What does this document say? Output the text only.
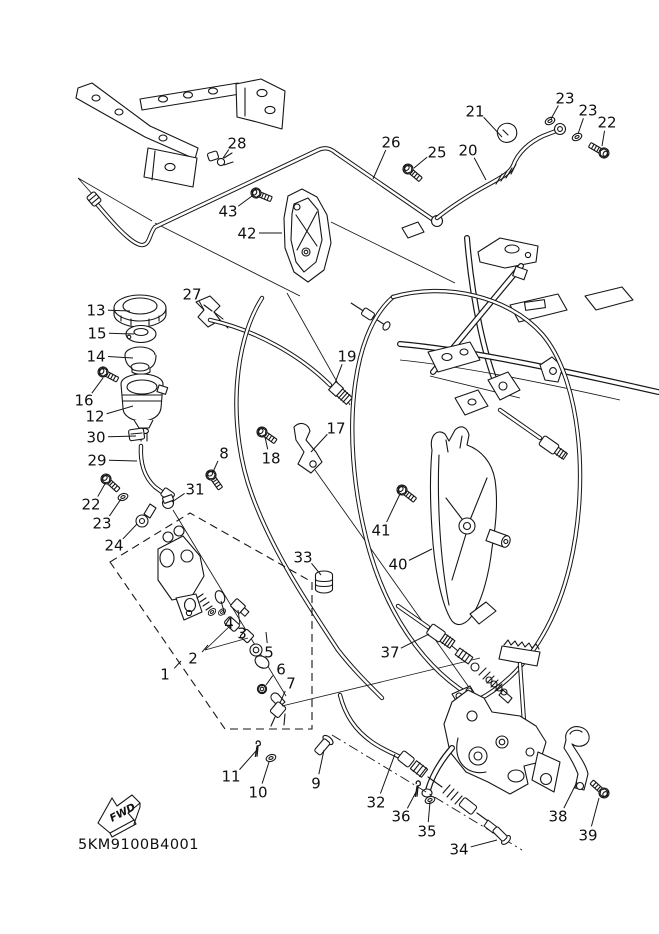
FWD
5KM9100B4001
28	26
43
42
25
21
23
23
22
20
13
27
15
14	19
16
12
30	17
18
29	8
22
31
23
24
41
40
33
4
3
5
2
1	6
7
37
11
10	9
32
36
35
34
38
39
